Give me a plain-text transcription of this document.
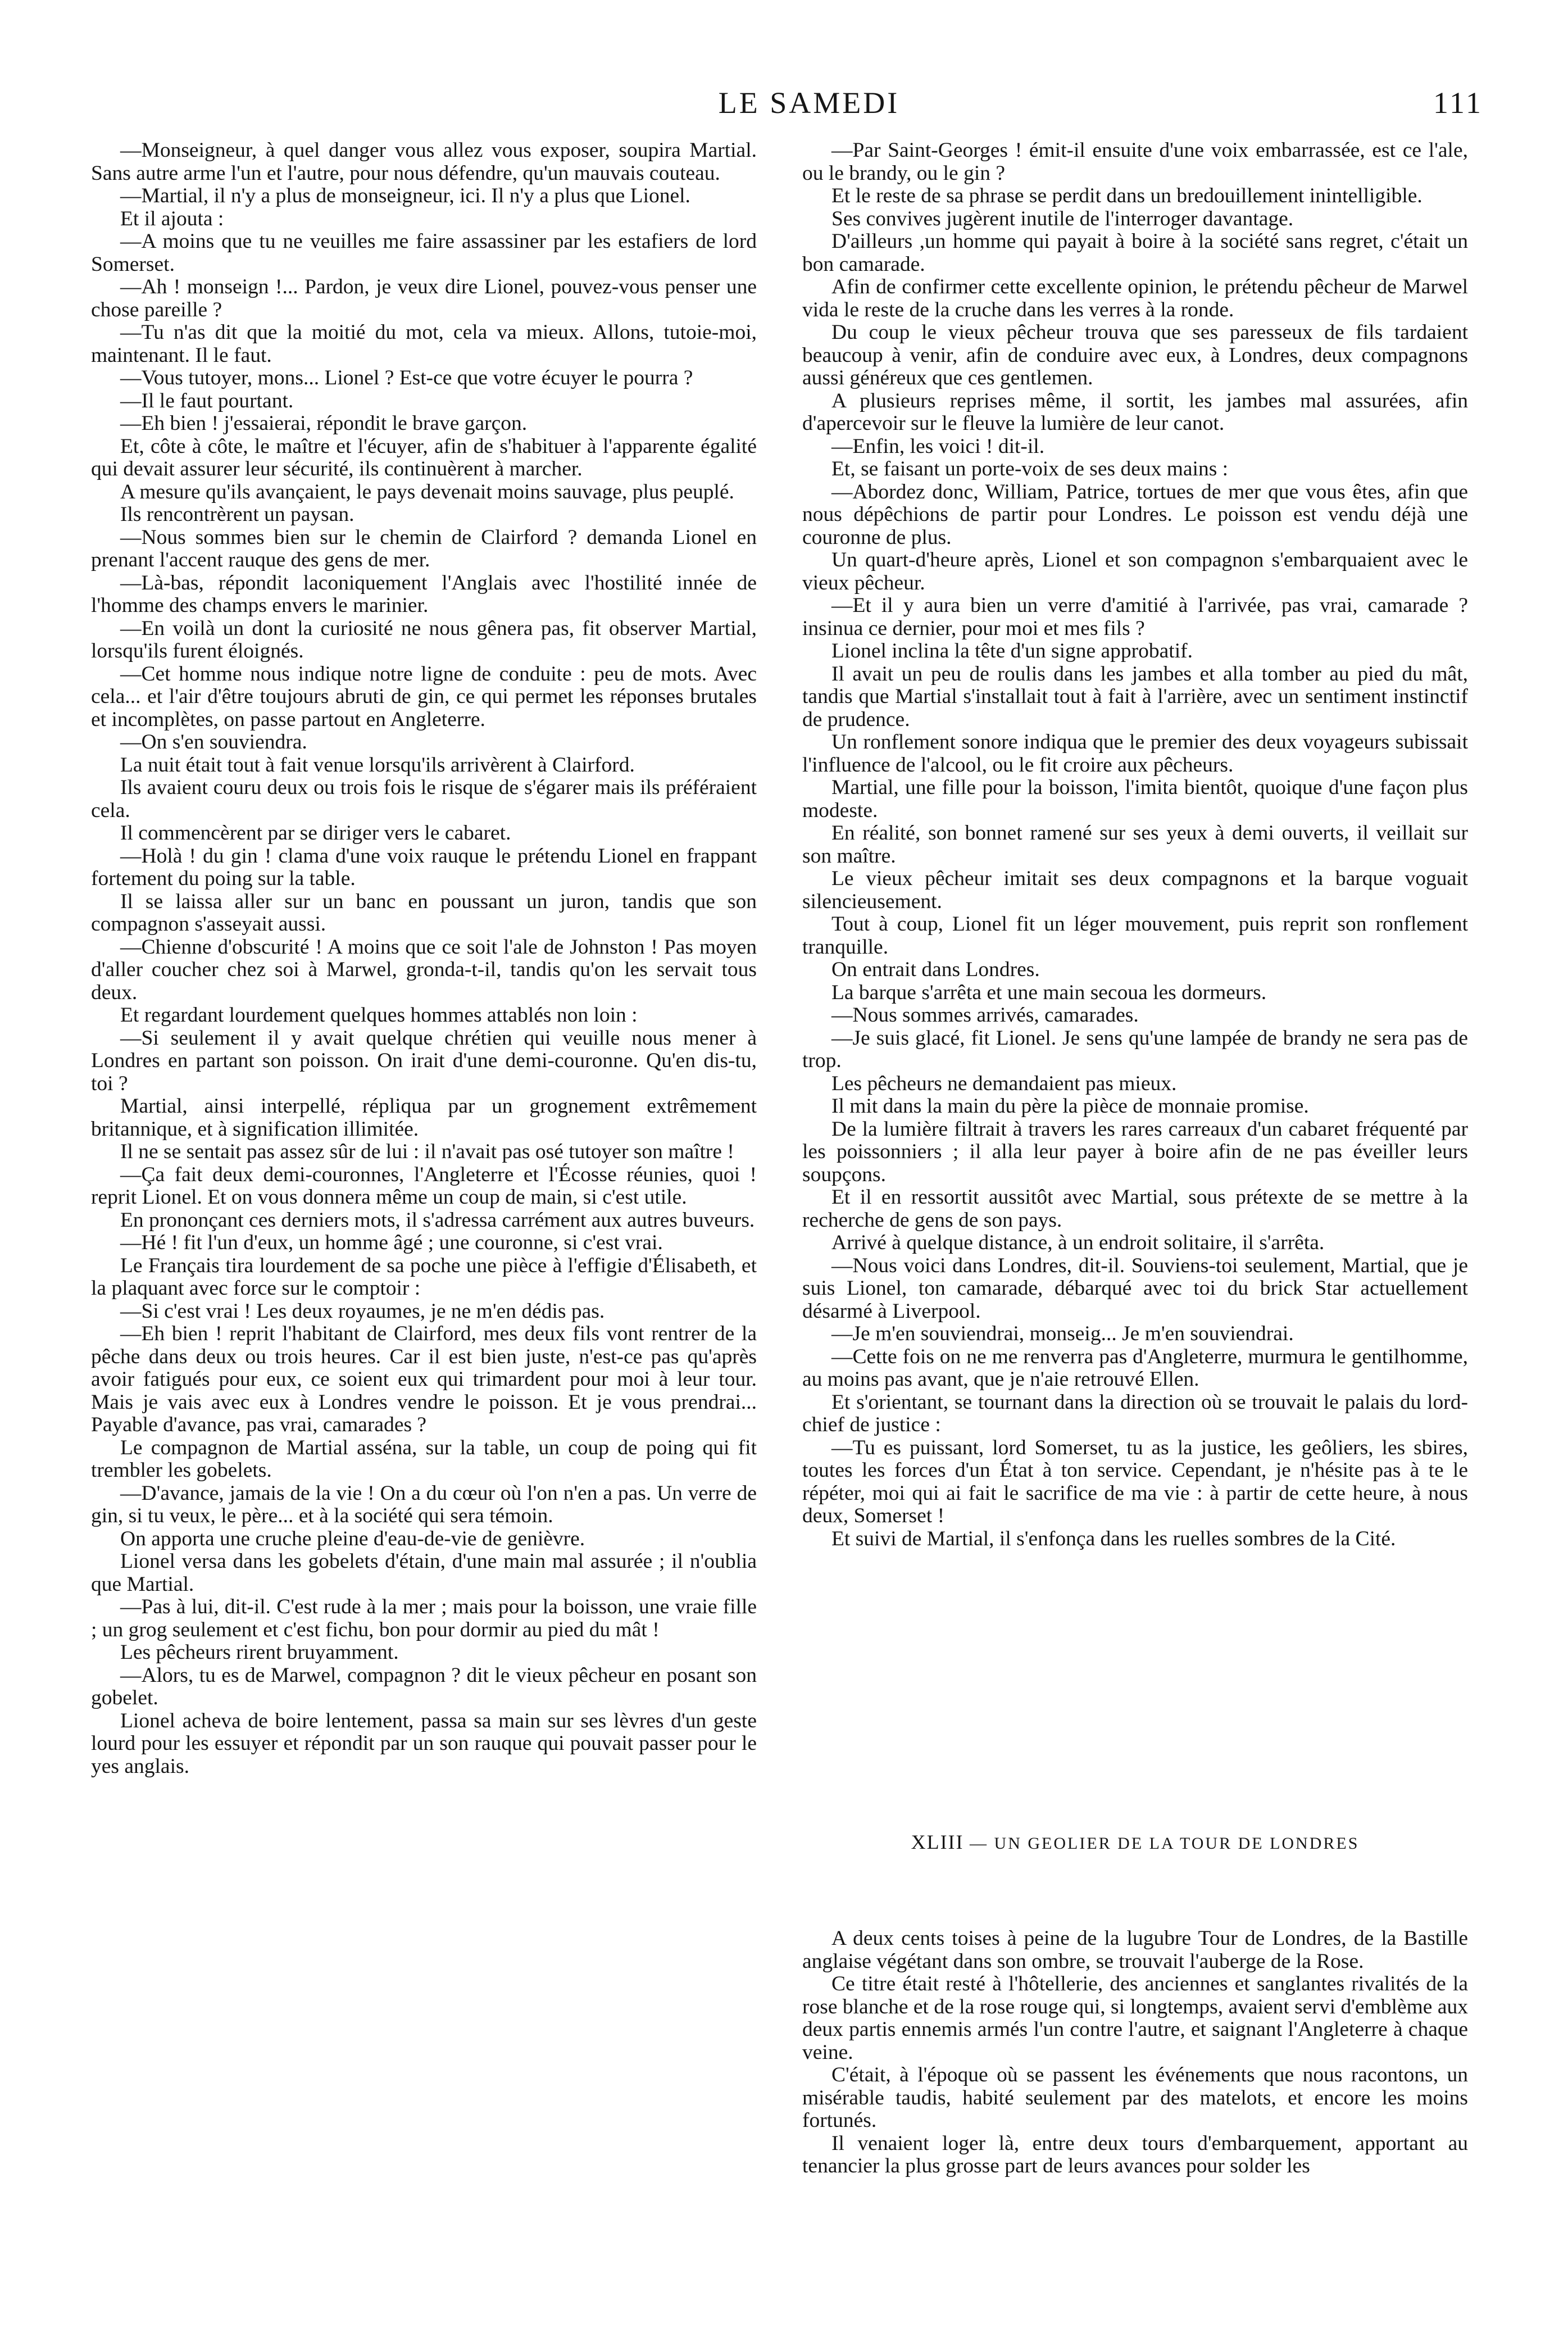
LE SAMEDI	111

—Monseigneur, à quel danger vous allez vous exposer, soupira Martial. Sans autre arme l'un et l'autre, pour nous défendre, qu'un mauvais couteau.

—Martial, il n'y a plus de monseigneur, ici. Il n'y a plus que Lionel.

Et il ajouta :

—A moins que tu ne veuilles me faire assassiner par les estafiers de lord Somerset.

—Ah ! monseign !... Pardon, je veux dire Lionel, pouvez-vous penser une chose pareille ?

—Tu n'as dit que la moitié du mot, cela va mieux. Allons, tutoie-moi, maintenant. Il le faut.

—Vous tutoyer, mons... Lionel ? Est-ce que votre écuyer le pourra ?

—Il le faut pourtant.

—Eh bien ! j'essaierai, répondit le brave garçon.

Et, côte à côte, le maître et l'écuyer, afin de s'habituer à l'apparente égalité qui devait assurer leur sécurité, ils continuèrent à marcher.

A mesure qu'ils avançaient, le pays devenait moins sauvage, plus peuplé.

Ils rencontrèrent un paysan.

—Nous sommes bien sur le chemin de Clairford ? demanda Lionel en prenant l'accent rauque des gens de mer.

—Là-bas, répondit laconiquement l'Anglais avec l'hostilité innée de l'homme des champs envers le marinier.

—En voilà un dont la curiosité ne nous gênera pas, fit observer Martial, lorsqu'ils furent éloignés.

—Cet homme nous indique notre ligne de conduite : peu de mots. Avec cela... et l'air d'être toujours abruti de gin, ce qui permet les réponses brutales et incomplètes, on passe partout en Angleterre.

—On s'en souviendra.

La nuit était tout à fait venue lorsqu'ils arrivèrent à Clairford.

Ils avaient couru deux ou trois fois le risque de s'égarer mais ils préféraient cela.

Il commencèrent par se diriger vers le cabaret.

—Holà ! du gin ! clama d'une voix rauque le prétendu Lionel en frappant fortement du poing sur la table.

Il se laissa aller sur un banc en poussant un juron, tandis que son compagnon s'asseyait aussi.

—Chienne d'obscurité ! A moins que ce soit l'ale de Johnston ! Pas moyen d'aller coucher chez soi à Marwel, gronda-t-il, tandis qu'on les servait tous deux.

Et regardant lourdement quelques hommes attablés non loin :

—Si seulement il y avait quelque chrétien qui veuille nous mener à Londres en partant son poisson. On irait d'une demi-couronne. Qu'en dis-tu, toi ?

Martial, ainsi interpellé, répliqua par un grognement extrêmement britannique, et à signification illimitée.

Il ne se sentait pas assez sûr de lui : il n'avait pas osé tutoyer son maître !

—Ça fait deux demi-couronnes, l'Angleterre et l'Écosse réunies, quoi ! reprit Lionel. Et on vous donnera même un coup de main, si c'est utile.

En prononçant ces derniers mots, il s'adressa carrément aux autres buveurs.

—Hé ! fit l'un d'eux, un homme âgé ; une couronne, si c'est vrai.

Le Français tira lourdement de sa poche une pièce à l'effigie d'Élisabeth, et la plaquant avec force sur le comptoir :

—Si c'est vrai ! Les deux royaumes, je ne m'en dédis pas.

—Eh bien ! reprit l'habitant de Clairford, mes deux fils vont rentrer de la pêche dans deux ou trois heures. Car il est bien juste, n'est-ce pas qu'après avoir fatigués pour eux, ce soient eux qui trimardent pour moi à leur tour. Mais je vais avec eux à Londres vendre le poisson. Et je vous prendrai... Payable d'avance, pas vrai, camarades ?

Le compagnon de Martial asséna, sur la table, un coup de poing qui fit trembler les gobelets.

—D'avance, jamais de la vie ! On a du cœur où l'on n'en a pas. Un verre de gin, si tu veux, le père... et à la société qui sera témoin.

On apporta une cruche pleine d'eau-de-vie de genièvre.

Lionel versa dans les gobelets d'étain, d'une main mal assurée ; il n'oublia que Martial.

—Pas à lui, dit-il. C'est rude à la mer ; mais pour la boisson, une vraie fille ; un grog seulement et c'est fichu, bon pour dormir au pied du mât !

Les pêcheurs rirent bruyamment.

—Alors, tu es de Marwel, compagnon ? dit le vieux pêcheur en posant son gobelet.

Lionel acheva de boire lentement, passa sa main sur ses lèvres d'un geste lourd pour les essuyer et répondit par un son rauque qui pouvait passer pour le yes anglais.

—Par Saint-Georges ! émit-il ensuite d'une voix embarrassée, est ce l'ale, ou le brandy, ou le gin ?

Et le reste de sa phrase se perdit dans un bredouillement inintelligible.

Ses convives jugèrent inutile de l'interroger davantage.

D'ailleurs ,un homme qui payait à boire à la société sans regret, c'était un bon camarade.

Afin de confirmer cette excellente opinion, le prétendu pêcheur de Marwel vida le reste de la cruche dans les verres à la ronde.

Du coup le vieux pêcheur trouva que ses paresseux de fils tardaient beaucoup à venir, afin de conduire avec eux, à Londres, deux compagnons aussi généreux que ces gentlemen.

A plusieurs reprises même, il sortit, les jambes mal assurées, afin d'apercevoir sur le fleuve la lumière de leur canot.

—Enfin, les voici ! dit-il.

Et, se faisant un porte-voix de ses deux mains :

—Abordez donc, William, Patrice, tortues de mer que vous êtes, afin que nous dépêchions de partir pour Londres. Le poisson est vendu déjà une couronne de plus.

Un quart-d'heure après, Lionel et son compagnon s'embarquaient avec le vieux pêcheur.

—Et il y aura bien un verre d'amitié à l'arrivée, pas vrai, camarade ? insinua ce dernier, pour moi et mes fils ?

Lionel inclina la tête d'un signe approbatif.

Il avait un peu de roulis dans les jambes et alla tomber au pied du mât, tandis que Martial s'installait tout à fait à l'arrière, avec un sentiment instinctif de prudence.

Un ronflement sonore indiqua que le premier des deux voyageurs subissait l'influence de l'alcool, ou le fit croire aux pêcheurs.

Martial, une fille pour la boisson, l'imita bientôt, quoique d'une façon plus modeste.

En réalité, son bonnet ramené sur ses yeux à demi ouverts, il veillait sur son maître.

Le vieux pêcheur imitait ses deux compagnons et la barque voguait silencieusement.

Tout à coup, Lionel fit un léger mouvement, puis reprit son ronflement tranquille.

On entrait dans Londres.

La barque s'arrêta et une main secoua les dormeurs.

—Nous sommes arrivés, camarades.

—Je suis glacé, fit Lionel. Je sens qu'une lampée de brandy ne sera pas de trop.

Les pêcheurs ne demandaient pas mieux.

Il mit dans la main du père la pièce de monnaie promise.

De la lumière filtrait à travers les rares carreaux d'un cabaret fréquenté par les poissonniers ; il alla leur payer à boire afin de ne pas éveiller leurs soupçons.

Et il en ressortit aussitôt avec Martial, sous prétexte de se mettre à la recherche de gens de son pays.

Arrivé à quelque distance, à un endroit solitaire, il s'arrêta.

—Nous voici dans Londres, dit-il. Souviens-toi seulement, Martial, que je suis Lionel, ton camarade, débarqué avec toi du brick Star actuellement désarmé à Liverpool.

—Je m'en souviendrai, monseig... Je m'en souviendrai.

—Cette fois on ne me renverra pas d'Angleterre, murmura le gentilhomme, au moins pas avant, que je n'aie retrouvé Ellen.

Et s'orientant, se tournant dans la direction où se trouvait le palais du lord-chief de justice :

—Tu es puissant, lord Somerset, tu as la justice, les geôliers, les sbires, toutes les forces d'un État à ton service. Cependant, je n'hésite pas à te le répéter, moi qui ai fait le sacrifice de ma vie : à partir de cette heure, à nous deux, Somerset !

Et suivi de Martial, il s'enfonça dans les ruelles sombres de la Cité.

XLIII — UN GEOLIER DE LA TOUR DE LONDRES

A deux cents toises à peine de la lugubre Tour de Londres, de la Bastille anglaise végétant dans son ombre, se trouvait l'auberge de la Rose.

Ce titre était resté à l'hôtellerie, des anciennes et sanglantes rivalités de la rose blanche et de la rose rouge qui, si longtemps, avaient servi d'emblème aux deux partis ennemis armés l'un contre l'autre, et saignant l'Angleterre à chaque veine.

C'était, à l'époque où se passent les événements que nous racontons, un misérable taudis, habité seulement par des matelots, et encore les moins fortunés.

Il venaient loger là, entre deux tours d'embarquement, apportant au tenancier la plus grosse part de leurs avances pour solder les
